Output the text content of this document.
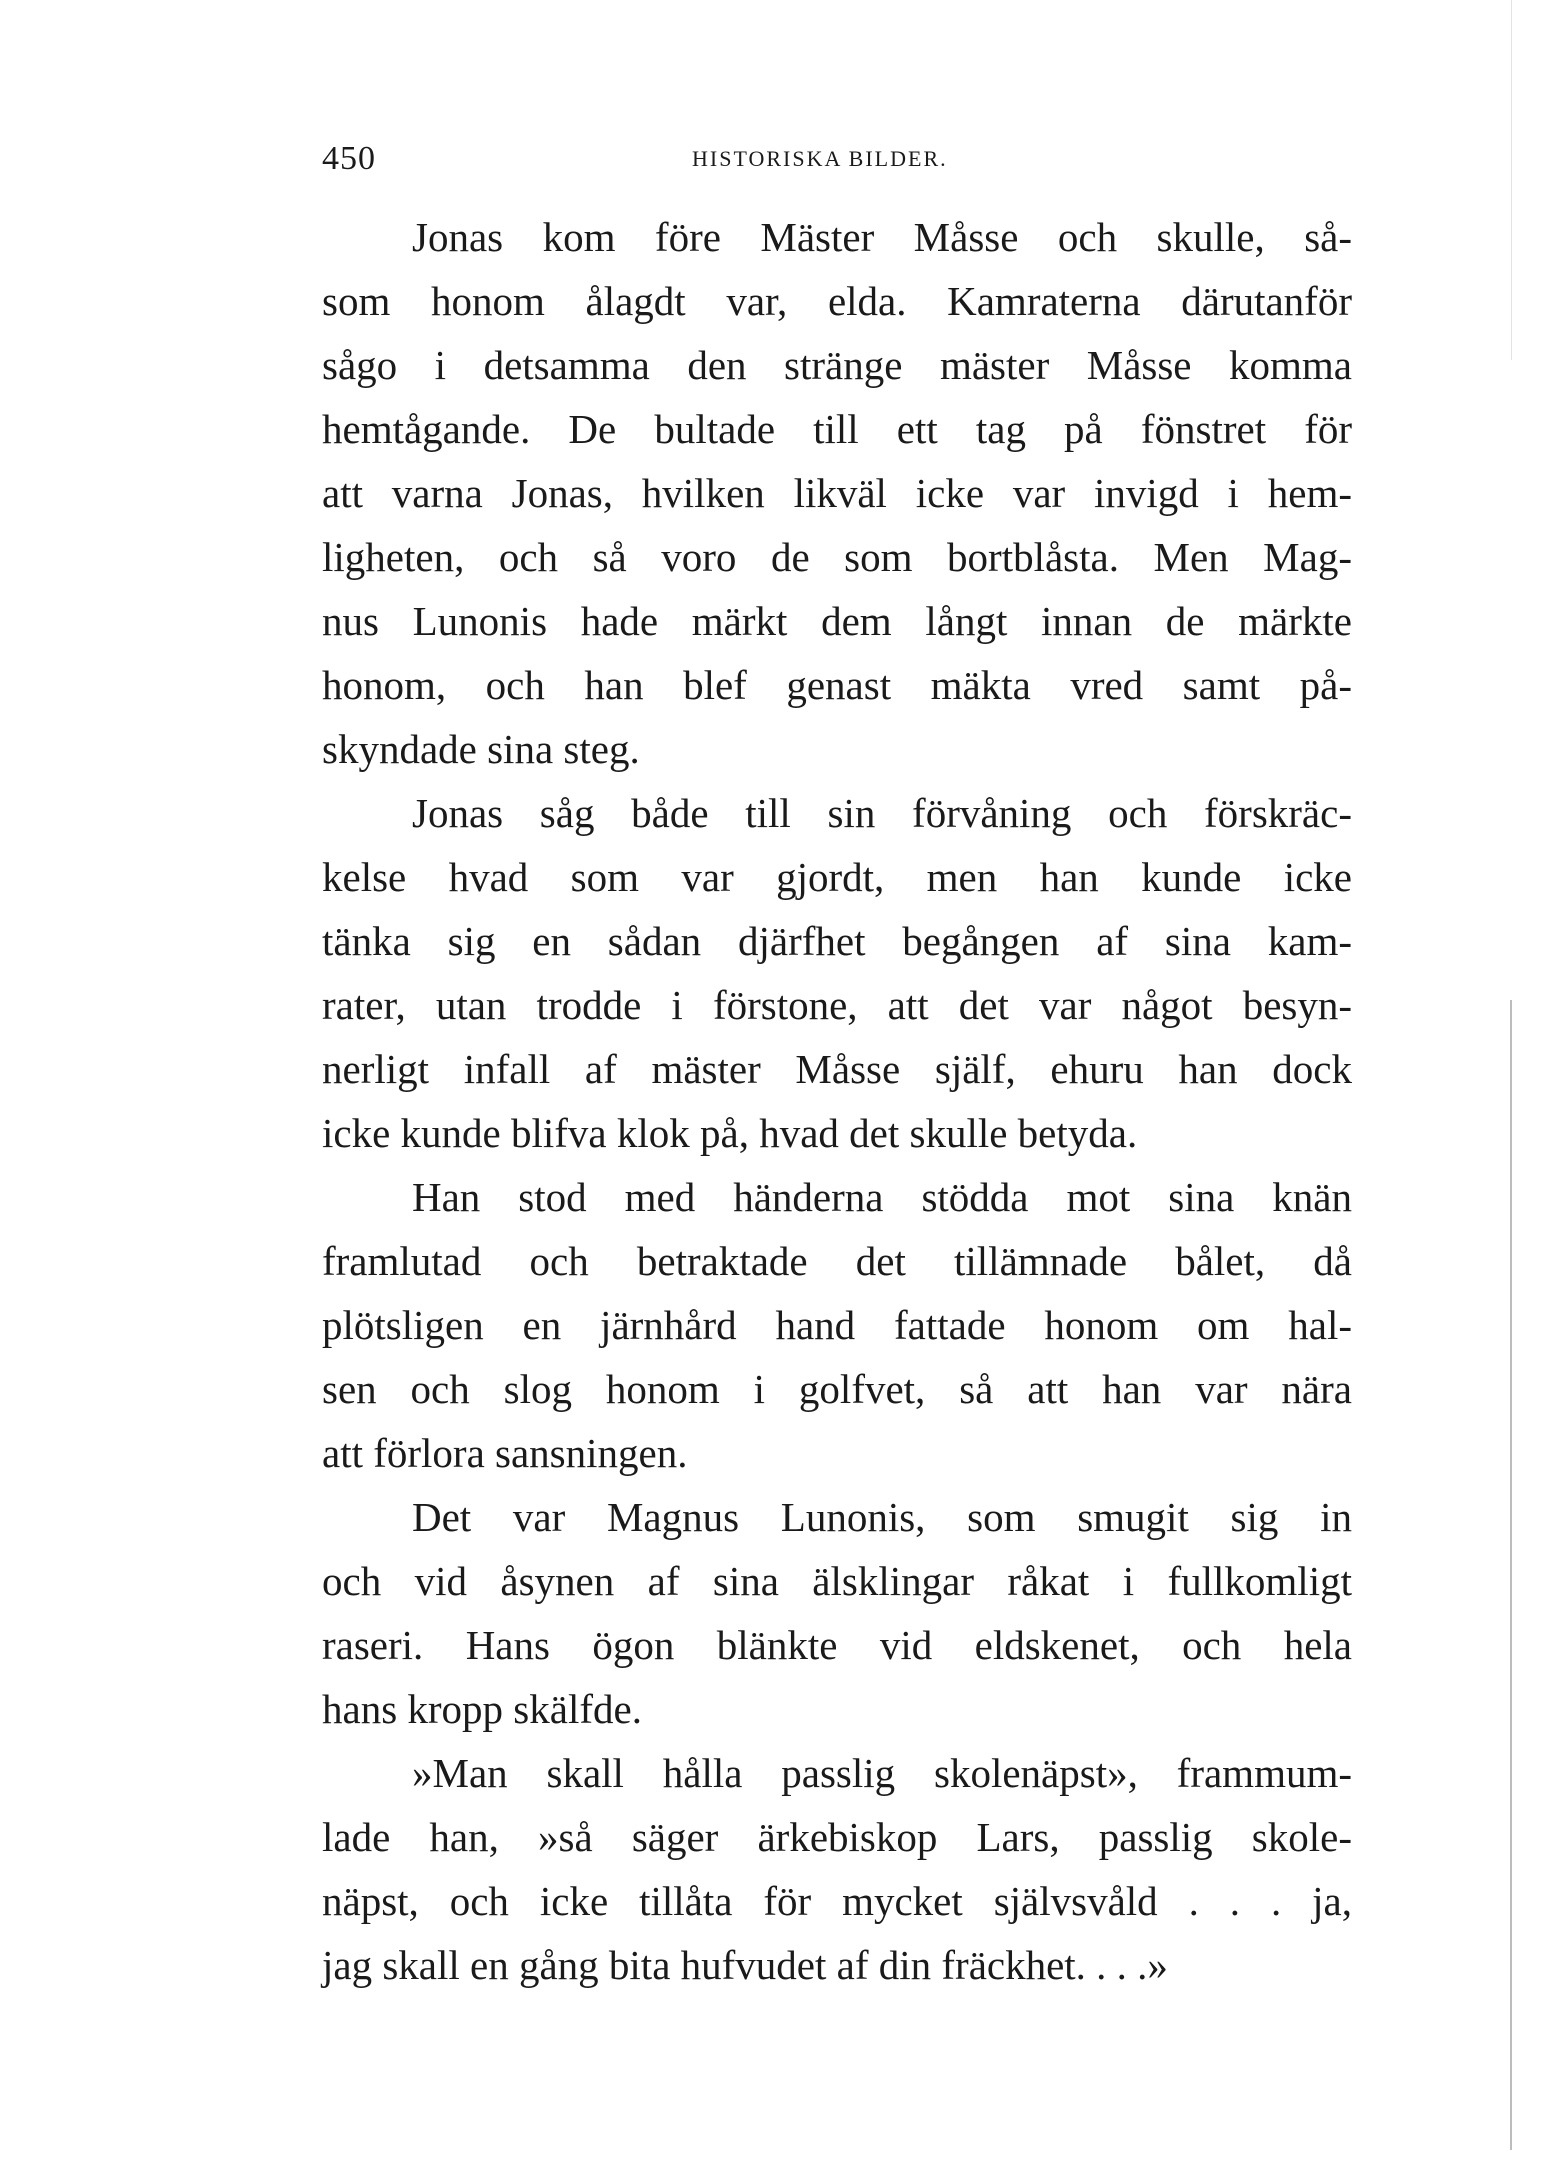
450	HISTORISKA BILDER.
Jonas kom före Mäster Måsse och skulle, så-
som honom ålagdt var, elda. Kamraterna därutanför
sågo i detsamma den stränge mäster Måsse komma
hemtågande. De bultade till ett tag på fönstret för
att varna Jonas, hvilken likväl icke var invigd i hem-
ligheten, och så voro de som bortblåsta. Men Mag-
nus Lunonis hade märkt dem långt innan de märkte
honom, och han blef genast mäkta vred samt på-
skyndade sina steg.
Jonas såg både till sin förvåning och förskräc-
kelse hvad som var gjordt, men han kunde icke
tänka sig en sådan djärfhet begången af sina kam-
rater, utan trodde i förstone, att det var något besyn-
nerligt infall af mäster Måsse själf, ehuru han dock
icke kunde blifva klok på, hvad det skulle betyda.
Han stod med händerna stödda mot sina knän
framlutad och betraktade det tillämnade bålet, då
plötsligen en järnhård hand fattade honom om hal-
sen och slog honom i golfvet, så att han var nära
att förlora sansningen.
Det var Magnus Lunonis, som smugit sig in
och vid åsynen af sina älsklingar råkat i fullkomligt
raseri. Hans ögon blänkte vid eldskenet, och hela
hans kropp skälfde.
»Man skall hålla passlig skolenäpst», frammum-
lade han, »så säger ärkebiskop Lars, passlig skole-
näpst, och icke tillåta för mycket självsvåld . . . ja,
jag skall en gång bita hufvudet af din fräckhet. . . .»
